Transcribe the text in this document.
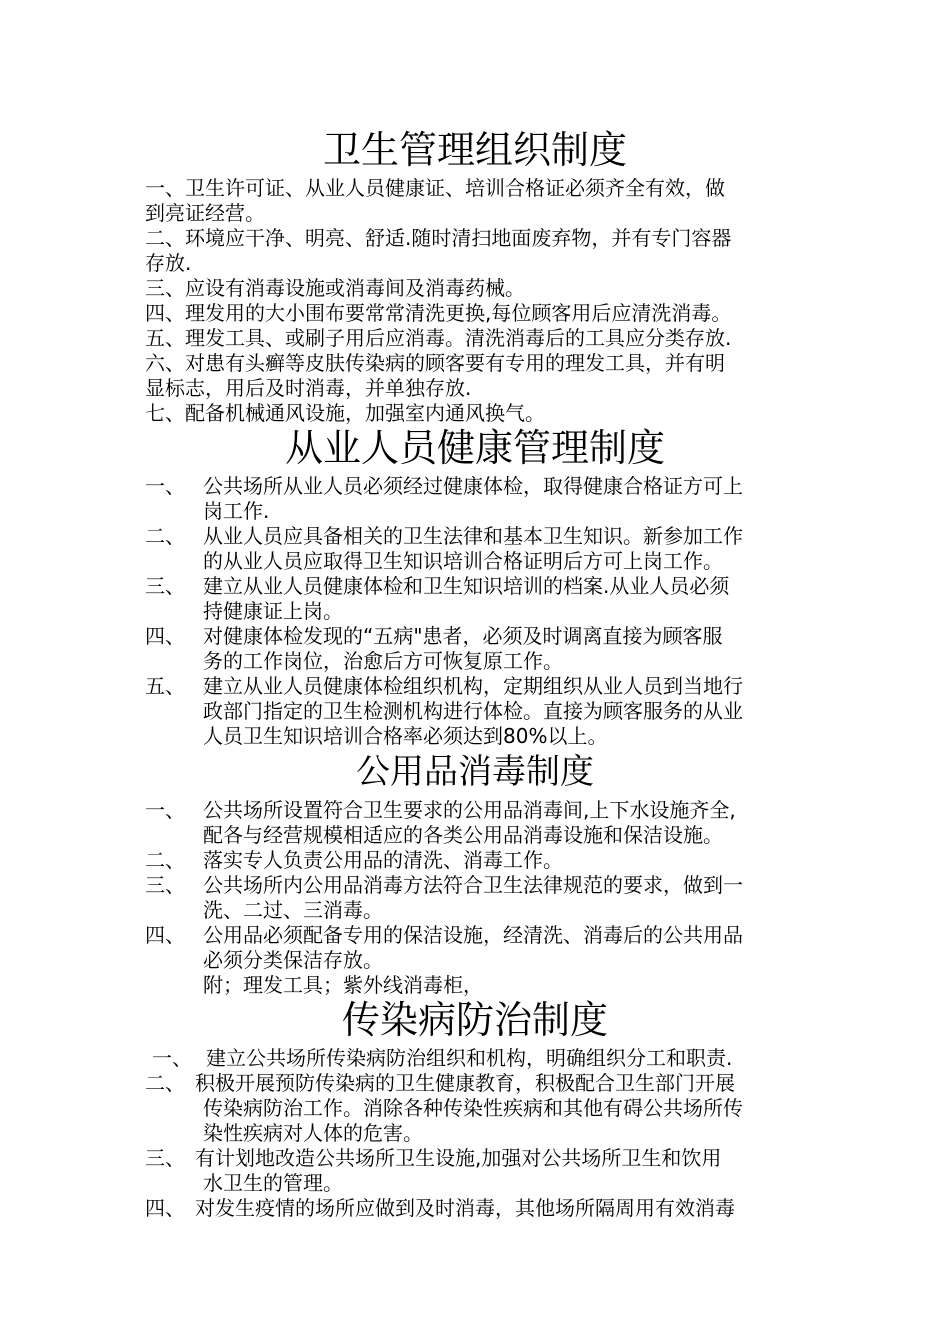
卫生管理组织制度
一、卫生许可证、从业人员健康证、培训合格证必须齐全有效，做
到亮证经营。
二、环境应干净、明亮、舒适.随时清扫地面废弃物，并有专门容器
存放.
三、应设有消毒设施或消毒间及消毒药械。
四、理发用的大小围布要常常清洗更换,每位顾客用后应清洗消毒。
五、理发工具、或刷子用后应消毒。清洗消毒后的工具应分类存放.
六、对患有头癣等皮肤传染病的顾客要有专用的理发工具，并有明
显标志，用后及时消毒，并单独存放.
七、配备机械通风设施，加强室内通风换气。
从业人员健康管理制度
一、 公共场所从业人员必须经过健康体检，取得健康合格证方可上
岗工作.
二、 从业人员应具备相关的卫生法律和基本卫生知识。新参加工作
的从业人员应取得卫生知识培训合格证明后方可上岗工作。
三、 建立从业人员健康体检和卫生知识培训的档案.从业人员必须
持健康证上岗。
四、 对健康体检发现的“五病"患者，必须及时调离直接为顾客服
务的工作岗位，治愈后方可恢复原工作。
五、 建立从业人员健康体检组织机构，定期组织从业人员到当地行
政部门指定的卫生检测机构进行体检。直接为顾客服务的从业
人员卫生知识培训合格率必须达到80%以上。
公用品消毒制度
一、 公共场所设置符合卫生要求的公用品消毒间,上下水设施齐全,
配各与经营规模相适应的各类公用品消毒设施和保洁设施。
二、 落实专人负责公用品的清洗、消毒工作。
三、 公共场所内公用品消毒方法符合卫生法律规范的要求，做到一
洗、二过、三消毒。
四、 公用品必须配备专用的保洁设施，经清洗、消毒后的公共用品
必须分类保洁存放。
附；理发工具；紫外线消毒柜，
传染病防治制度
一、 建立公共场所传染病防治组织和机构，明确组织分工和职责.
二、 积极开展预防传染病的卫生健康教育，积极配合卫生部门开展
传染病防治工作。消除各种传染性疾病和其他有碍公共场所传
染性疾病对人体的危害。
三、 有计划地改造公共场所卫生设施,加强对公共场所卫生和饮用
水卫生的管理。
四、 对发生疫情的场所应做到及时消毒，其他场所隔周用有效消毒
